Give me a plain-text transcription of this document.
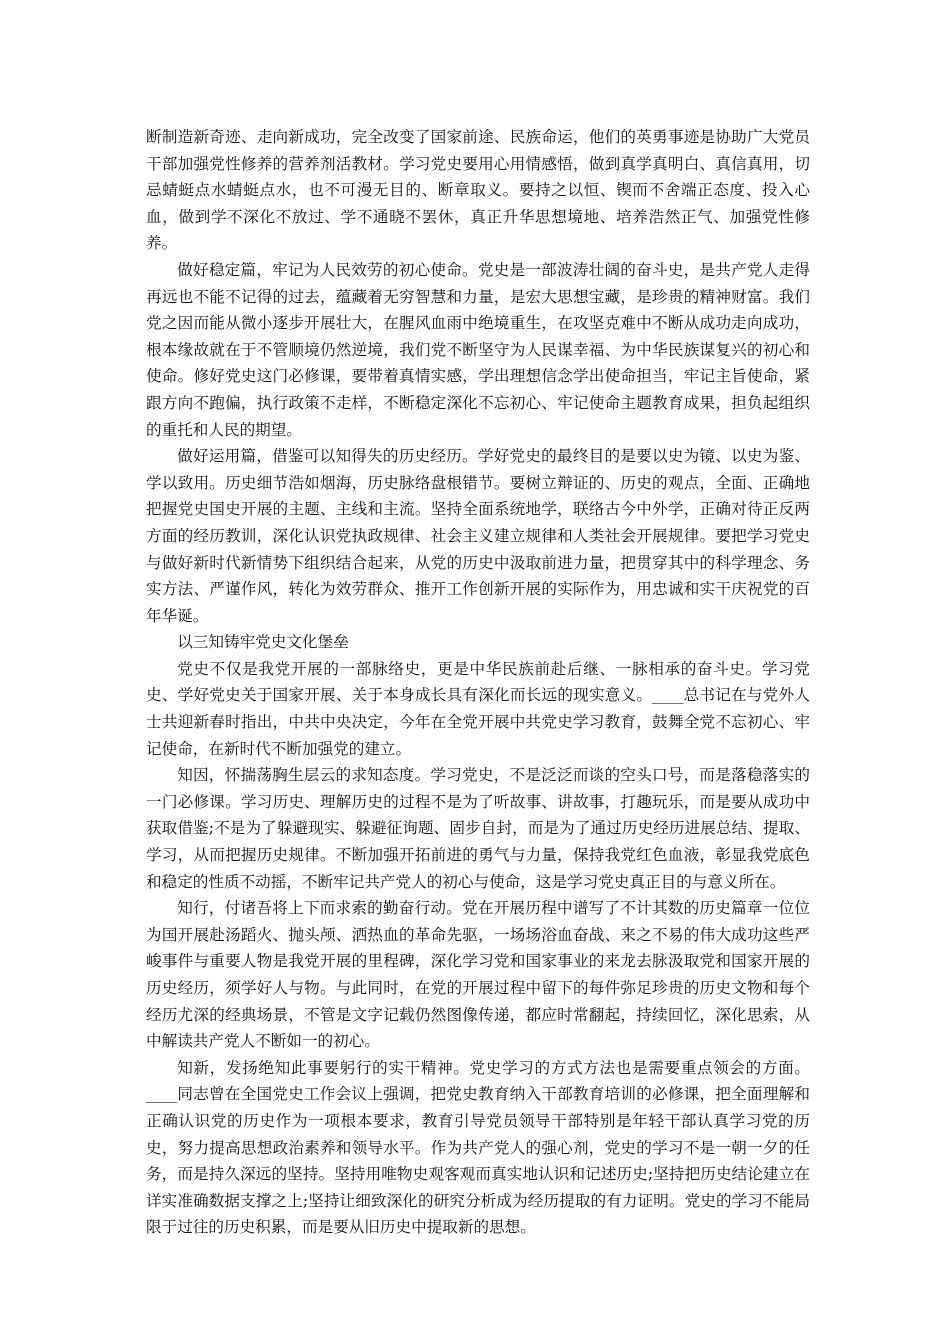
断制造新奇迹、走向新成功，完全改变了国家前途、民族命运，他们的英勇事迹是协助广大党员干部加强党性修养的营养剂活教材。学习党史要用心用情感悟，做到真学真明白、真信真用，切忌蜻蜓点水蜻蜓点水，也不可漫无目的、断章取义。要持之以恒、锲而不舍端正态度、投入心血，做到学不深化不放过、学不通晓不罢休，真正升华思想境地、培养浩然正气、加强党性修养。

做好稳定篇，牢记为人民效劳的初心使命。党史是一部波涛壮阔的奋斗史，是共产党人走得再远也不能不记得的过去，蕴藏着无穷智慧和力量，是宏大思想宝藏，是珍贵的精神财富。我们党之因而能从微小逐步开展壮大，在腥风血雨中绝境重生，在攻坚克难中不断从成功走向成功，根本缘故就在于不管顺境仍然逆境，我们党不断坚守为人民谋幸福、为中华民族谋复兴的初心和使命。修好党史这门必修课，要带着真情实感，学出理想信念学出使命担当，牢记主旨使命，紧跟方向不跑偏，执行政策不走样，不断稳定深化不忘初心、牢记使命主题教育成果，担负起组织的重托和人民的期望。

做好运用篇，借鉴可以知得失的历史经历。学好党史的最终目的是要以史为镜、以史为鉴、学以致用。历史细节浩如烟海，历史脉络盘根错节。要树立辩证的、历史的观点，全面、正确地把握党史国史开展的主题、主线和主流。坚持全面系统地学，联络古今中外学，正确对待正反两方面的经历教训，深化认识党执政规律、社会主义建立规律和人类社会开展规律。要把学习党史与做好新时代新情势下组织结合起来，从党的历史中汲取前进力量，把贯穿其中的科学理念、务实方法、严谨作风，转化为效劳群众、推开工作创新开展的实际作为，用忠诚和实干庆祝党的百年华诞。

以三知铸牢党史文化堡垒

党史不仅是我党开展的一部脉络史，更是中华民族前赴后继、一脉相承的奋斗史。学习党史、学好党史关于国家开展、关于本身成长具有深化而长远的现实意义。____总书记在与党外人士共迎新春时指出，中共中央决定，今年在全党开展中共党史学习教育，鼓舞全党不忘初心、牢记使命，在新时代不断加强党的建立。

知因，怀揣荡胸生层云的求知态度。学习党史，不是泛泛而谈的空头口号，而是落稳落实的一门必修课。学习历史、理解历史的过程不是为了听故事、讲故事，打趣玩乐，而是要从成功中获取借鉴;不是为了躲避现实、躲避征询题、固步自封，而是为了通过历史经历进展总结、提取、学习，从而把握历史规律。不断加强开拓前进的勇气与力量，保持我党红色血液，彰显我党底色和稳定的性质不动摇，不断牢记共产党人的初心与使命，这是学习党史真正目的与意义所在。

知行，付诸吾将上下而求索的勤奋行动。党在开展历程中谱写了不计其数的历史篇章一位位为国开展赴汤蹈火、抛头颅、洒热血的革命先驱，一场场浴血奋战、来之不易的伟大成功这些严峻事件与重要人物是我党开展的里程碑，深化学习党和国家事业的来龙去脉汲取党和国家开展的历史经历，须学好人与物。与此同时，在党的开展过程中留下的每件弥足珍贵的历史文物和每个经历尤深的经典场景，不管是文字记载仍然图像传递，都应时常翻起，持续回忆，深化思索，从中解读共产党人不断如一的初心。

知新，发扬绝知此事要躬行的实干精神。党史学习的方式方法也是需要重点领会的方面。____同志曾在全国党史工作会议上强调，把党史教育纳入干部教育培训的必修课，把全面理解和正确认识党的历史作为一项根本要求，教育引导党员领导干部特别是年轻干部认真学习党的历史，努力提高思想政治素养和领导水平。作为共产党人的强心剂，党史的学习不是一朝一夕的任务，而是持久深远的坚持。坚持用唯物史观客观而真实地认识和记述历史;坚持把历史结论建立在详实准确数据支撑之上;坚持让细致深化的研究分析成为经历提取的有力证明。党史的学习不能局限于过往的历史积累，而是要从旧历史中提取新的思想。
